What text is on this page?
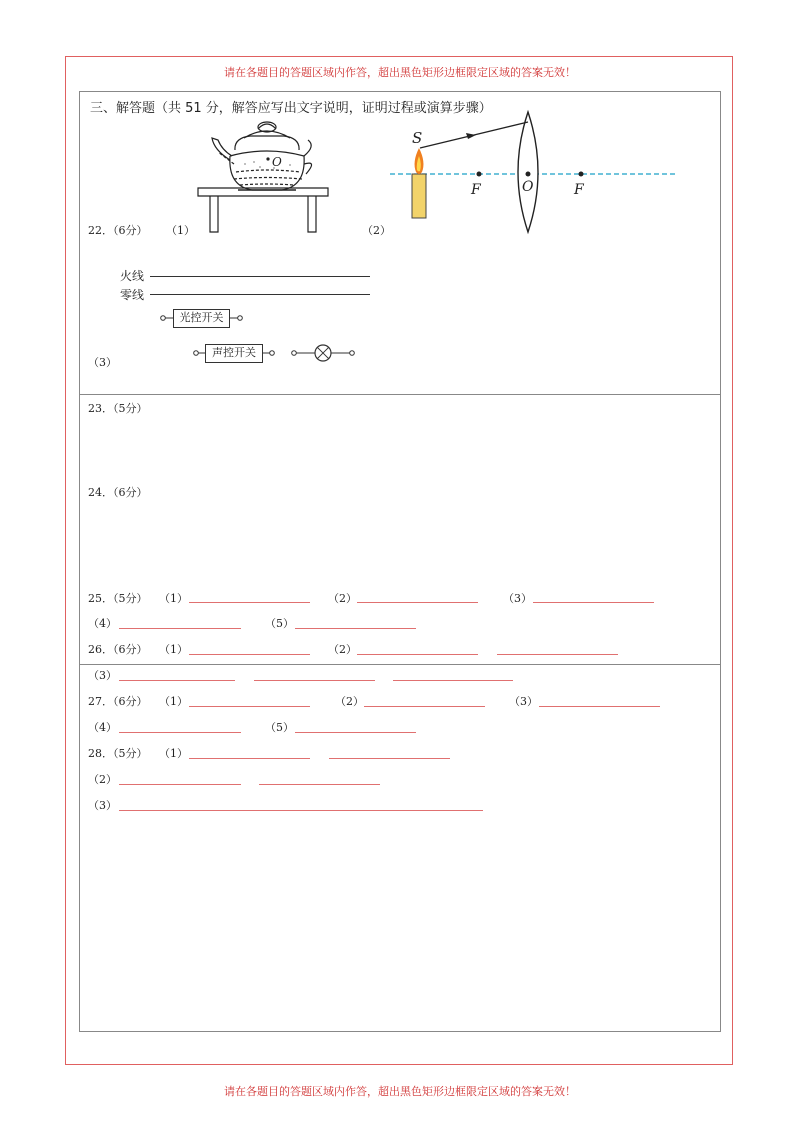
请在各题目的答题区域内作答，超出黑色矩形边框限定区域的答案无效！
请在各题目的答题区域内作答，超出黑色矩形边框限定区域的答案无效！
三、解答题（共 51 分，解答应写出文字说明，证明过程或演算步骤）
22．（6分） （1）	（2）
（3）
O
S
F	O	F
火线
零线
光控开关
声控开关
23．（5分）
24．（6分）
25．（5分） （1）	（2）	（3）
（4）	（5）
26．（6分） （1）	（2）
（3）
27．（6分） （1）	（2）	（3）
（4）	（5）
28．（5分） （1）
（2）
（3）
